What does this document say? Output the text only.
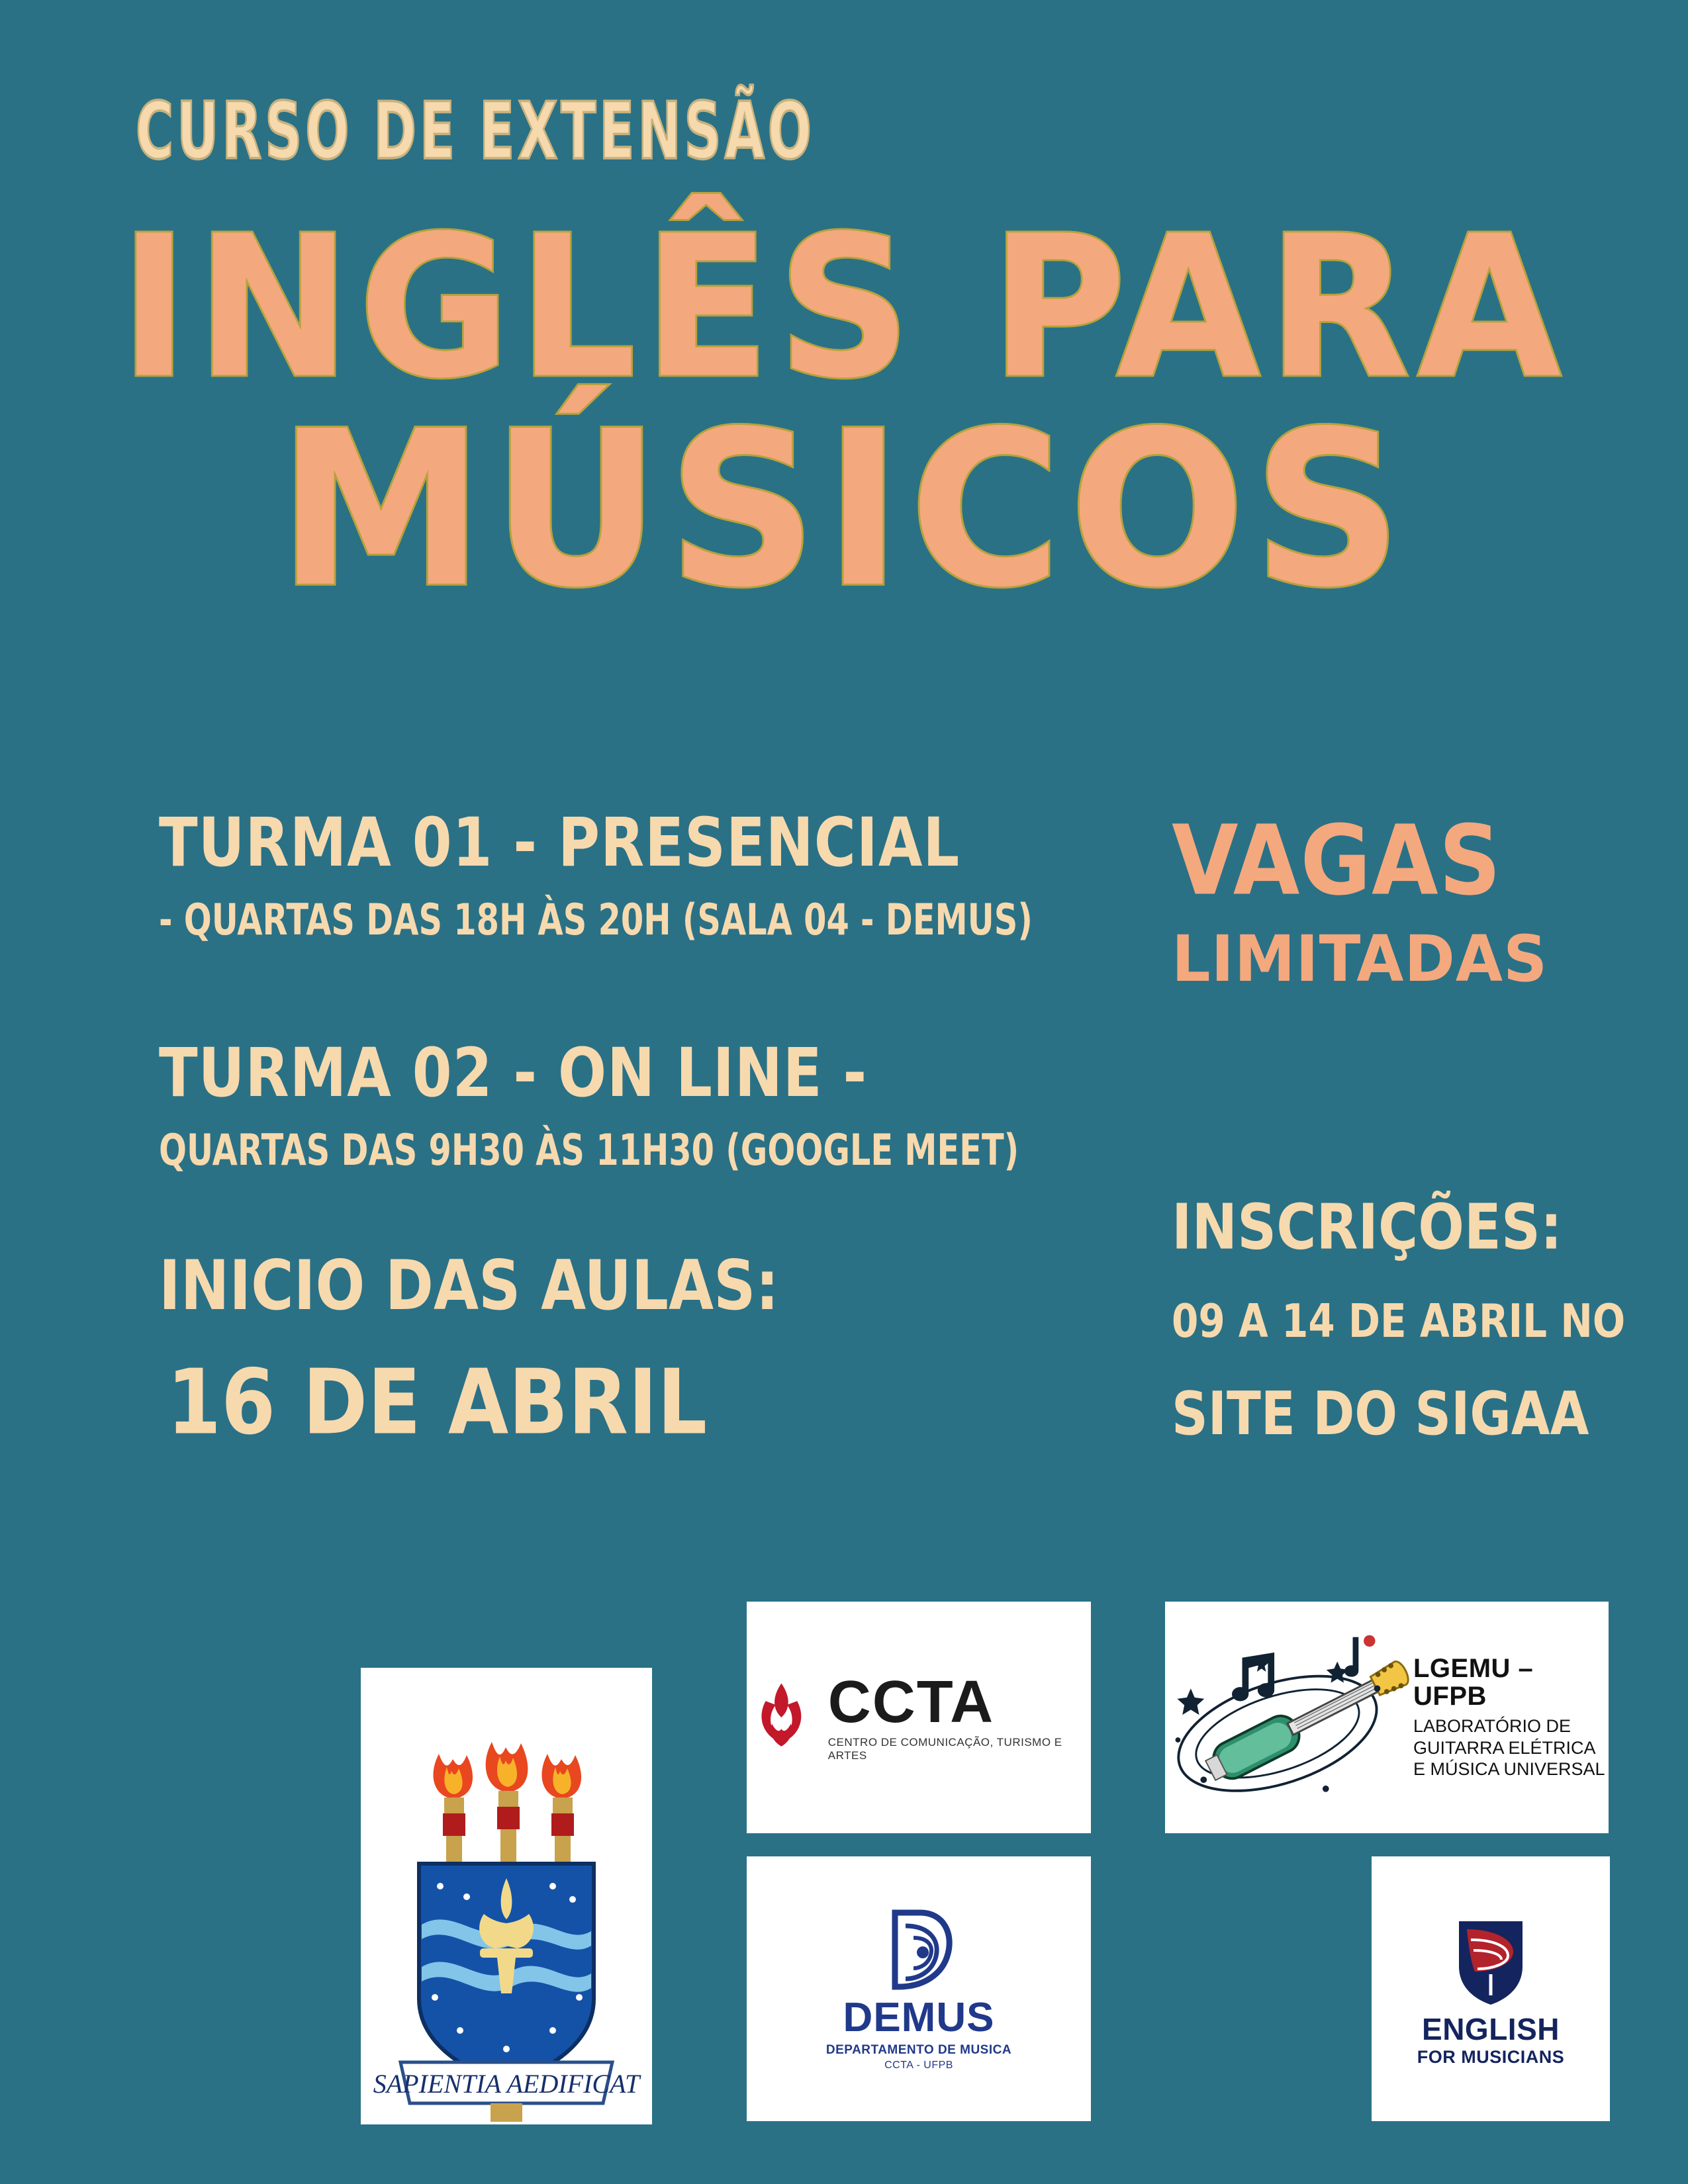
CURSO DE EXTENSÃO
INGLÊS PARA
MÚSICOS
TURMA 01 - PRESENCIAL
- QUARTAS DAS 18H ÀS 20H (SALA 04 - DEMUS)
TURMA 02 - ON LINE -
QUARTAS DAS 9H30 ÀS 11H30 (GOOGLE MEET)
INICIO DAS AULAS:
16 DE ABRIL
VAGAS
LIMITADAS
INSCRIÇÕES:
09 A 14 DE ABRIL NO
SITE DO SIGAA
SAPIENTIA AEDIFICAT
CCTA
CENTRO DE COMUNICAÇÃO, TURISMO E ARTES
DEMUS
DEPARTAMENTO DE MUSICA
CCTA - UFPB
LGEMU – UFPB
LABORATÓRIO DE
GUITARRA ELÉTRICA
E MÚSICA UNIVERSAL
ENGLISH
FOR MUSICIANS
